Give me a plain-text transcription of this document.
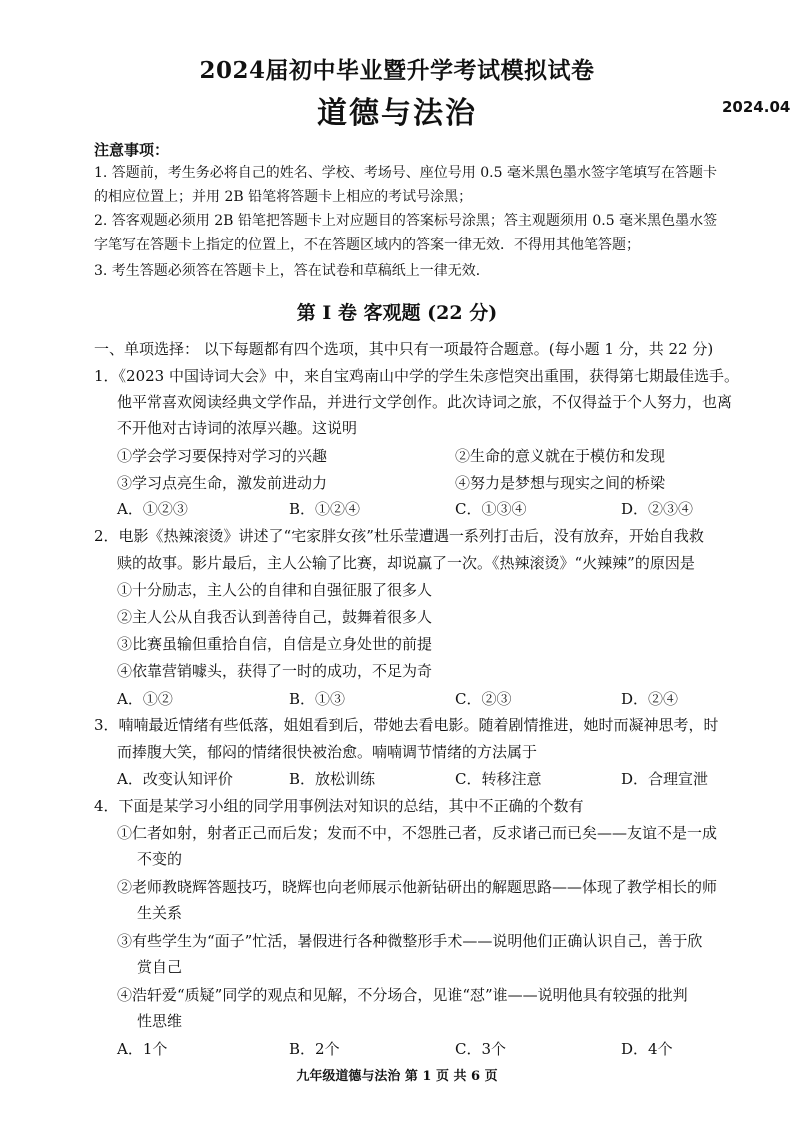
2024届初中毕业暨升学考试模拟试卷
道德与法治	2024.04
注意事项：
1. 答题前，考生务必将自己的姓名、学校、考场号、座位号用 0.5 毫米黑色墨水签字笔填写在答题卡
的相应位置上；并用 2B 铅笔将答题卡上相应的考试号涂黑；
2. 答客观题必须用 2B 铅笔把答题卡上对应题目的答案标号涂黑；答主观题须用 0.5 毫米黑色墨水签
字笔写在答题卡上指定的位置上，不在答题区域内的答案一律无效．不得用其他笔答题；
3. 考生答题必须答在答题卡上，答在试卷和草稿纸上一律无效．
第 I 卷 客观题 (22 分)
一、单项选择： 以下每题都有四个选项，其中只有一项最符合题意。(每小题 1 分，共 22 分)
1．《2023 中国诗词大会》中，来自宝鸡南山中学的学生朱彦恺突出重围，获得第七期最佳选手。
他平常喜欢阅读经典文学作品，并进行文学创作。此次诗词之旅，不仅得益于个人努力，也离
不开他对古诗词的浓厚兴趣。这说明
①学会学习要保持对学习的兴趣	②生命的意义就在于模仿和发现
③学习点亮生命，激发前进动力	④努力是梦想与现实之间的桥梁
A．①②③	B．①②④	C．①③④	D．②③④
2．电影《热辣滚烫》讲述了“宅家胖女孩”杜乐莹遭遇一系列打击后，没有放弃，开始自我救
赎的故事。影片最后，主人公输了比赛，却说赢了一次。《热辣滚烫》“火辣辣”的原因是
①十分励志，主人公的自律和自强征服了很多人
②主人公从自我否认到善待自己，鼓舞着很多人
③比赛虽输但重拾自信，自信是立身处世的前提
④依靠营销噱头，获得了一时的成功，不足为奇
A．①②	B．①③	C．②③	D．②④
3．喃喃最近情绪有些低落，姐姐看到后，带她去看电影。随着剧情推进，她时而凝神思考，时
而捧腹大笑，郁闷的情绪很快被治愈。喃喃调节情绪的方法属于
A．改变认知评价	B．放松训练	C．转移注意	D．合理宣泄
4．下面是某学习小组的同学用事例法对知识的总结，其中不正确的个数有
①仁者如射，射者正己而后发；发而不中，不怨胜己者，反求诸己而已矣——友谊不是一成
不变的
②老师教晓辉答题技巧，晓辉也向老师展示他新钻研出的解题思路——体现了教学相长的师
生关系
③有些学生为“面子”忙活，暑假进行各种微整形手术——说明他们正确认识自己，善于欣
赏自己
④浩轩爱“质疑”同学的观点和见解，不分场合，见谁“怼”谁——说明他具有较强的批判
性思维
A．1个	B．2个	C．3个	D．4个
九年级道德与法治 第 1 页 共 6 页
